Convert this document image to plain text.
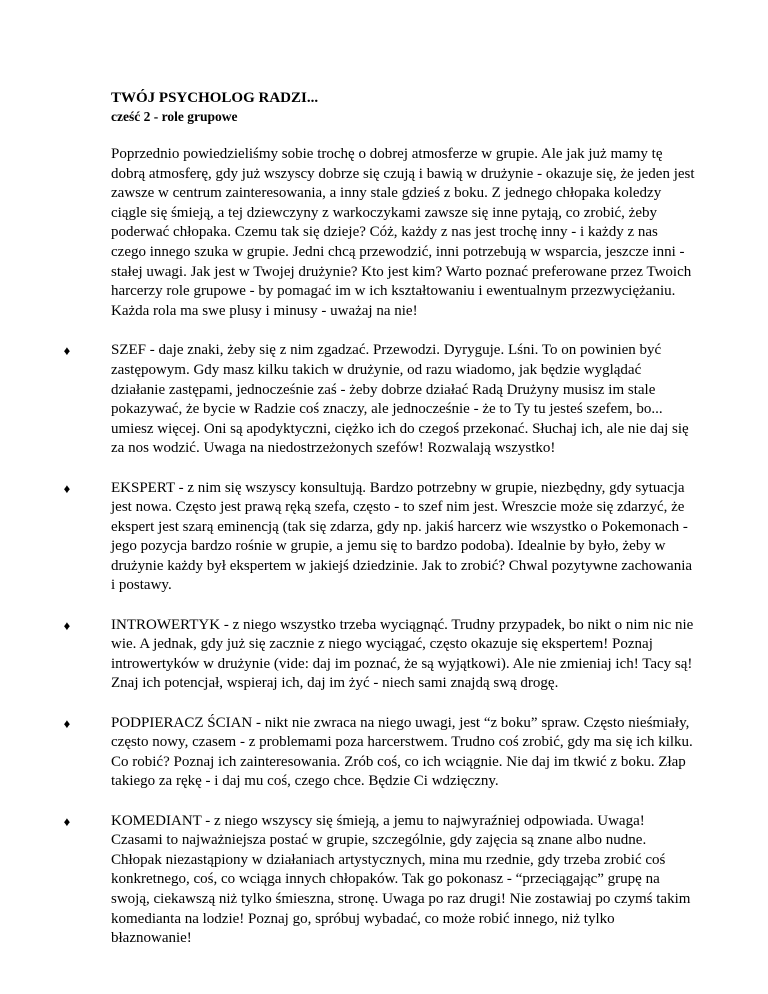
TWÓJ PSYCHOLOG RADZI...

cześć 2 - role grupowe

Poprzednio powiedzieliśmy sobie trochę o dobrej atmosferze w grupie. Ale jak już mamy tę dobrą atmosferę, gdy już wszyscy dobrze się czują i bawią w drużynie - okazuje się, że jeden jest zawsze w centrum zainteresowania, a inny stale gdzieś z boku. Z jednego chłopaka koledzy ciągle się śmieją, a tej dziewczyny z warkoczykami zawsze się inne pytają, co zrobić, żeby poderwać chłopaka. Czemu tak się dzieje? Cóż, każdy z nas jest trochę inny - i każdy z nas czego innego szuka w grupie. Jedni chcą przewodzić, inni potrzebują w wsparcia, jeszcze inni - stałej uwagi. Jak jest w Twojej drużynie? Kto jest kim? Warto poznać preferowane przez Twoich harcerzy role grupowe - by pomagać im w ich kształtowaniu i ewentualnym przezwyciężaniu. Każda rola ma swe plusy i minusy - uważaj na nie!

♦	SZEF - daje znaki, żeby się z nim zgadzać. Przewodzi. Dyryguje. Lśni. To on powinien być zastępowym. Gdy masz kilku takich w drużynie, od razu wiadomo, jak będzie wyglądać działanie zastępami, jednocześnie zaś - żeby dobrze działać Radą Drużyny musisz im stale pokazywać, że bycie w Radzie coś znaczy, ale jednocześnie - że to Ty tu jesteś szefem, bo... umiesz więcej. Oni są apodyktyczni, ciężko ich do czegoś przekonać. Słuchaj ich, ale nie daj się za nos wodzić. Uwaga na niedostrzeżonych szefów! Rozwalają wszystko!
♦	EKSPERT - z nim się wszyscy konsultują. Bardzo potrzebny w grupie, niezbędny, gdy sytuacja jest nowa. Często jest prawą ręką szefa, często - to szef nim jest. Wreszcie może się zdarzyć, że ekspert jest szarą eminencją (tak się zdarza, gdy np. jakiś harcerz wie wszystko o Pokemonach - jego pozycja bardzo rośnie w grupie, a jemu się to bardzo podoba). Idealnie by było, żeby w drużynie każdy był ekspertem w jakiejś dziedzinie. Jak to zrobić? Chwal pozytywne zachowania i postawy.
♦	INTROWERTYK - z niego wszystko trzeba wyciągnąć. Trudny przypadek, bo nikt o nim nic nie wie. A jednak, gdy już się zacznie z niego wyciągać, często okazuje się ekspertem! Poznaj introwertyków w drużynie (vide: daj im poznać, że są wyjątkowi). Ale nie zmieniaj ich! Tacy są! Znaj ich potencjał, wspieraj ich, daj im żyć - niech sami znajdą swą drogę.
♦	PODPIERACZ ŚCIAN - nikt nie zwraca na niego uwagi, jest “z boku” spraw. Często nieśmiały, często nowy, czasem - z problemami poza harcerstwem. Trudno coś zrobić, gdy ma się ich kilku. Co robić? Poznaj ich zainteresowania. Zrób coś, co ich wciągnie. Nie daj im tkwić z boku. Złap takiego za rękę - i daj mu coś, czego chce. Będzie Ci wdzięczny.
♦	KOMEDIANT - z niego wszyscy się śmieją, a jemu to najwyraźniej odpowiada. Uwaga! Czasami to najważniejsza postać w grupie, szczególnie, gdy zajęcia są znane albo nudne. Chłopak niezastąpiony w działaniach artystycznych, mina mu rzednie, gdy trzeba zrobić coś konkretnego, coś, co wciąga innych chłopaków. Tak go pokonasz - “przeciągając” grupę na swoją, ciekawszą niż tylko śmieszna, stronę. Uwaga po raz drugi! Nie zostawiaj po czymś takim komedianta na lodzie! Poznaj go, spróbuj wybadać, co może robić innego, niż tylko błaznowanie!
